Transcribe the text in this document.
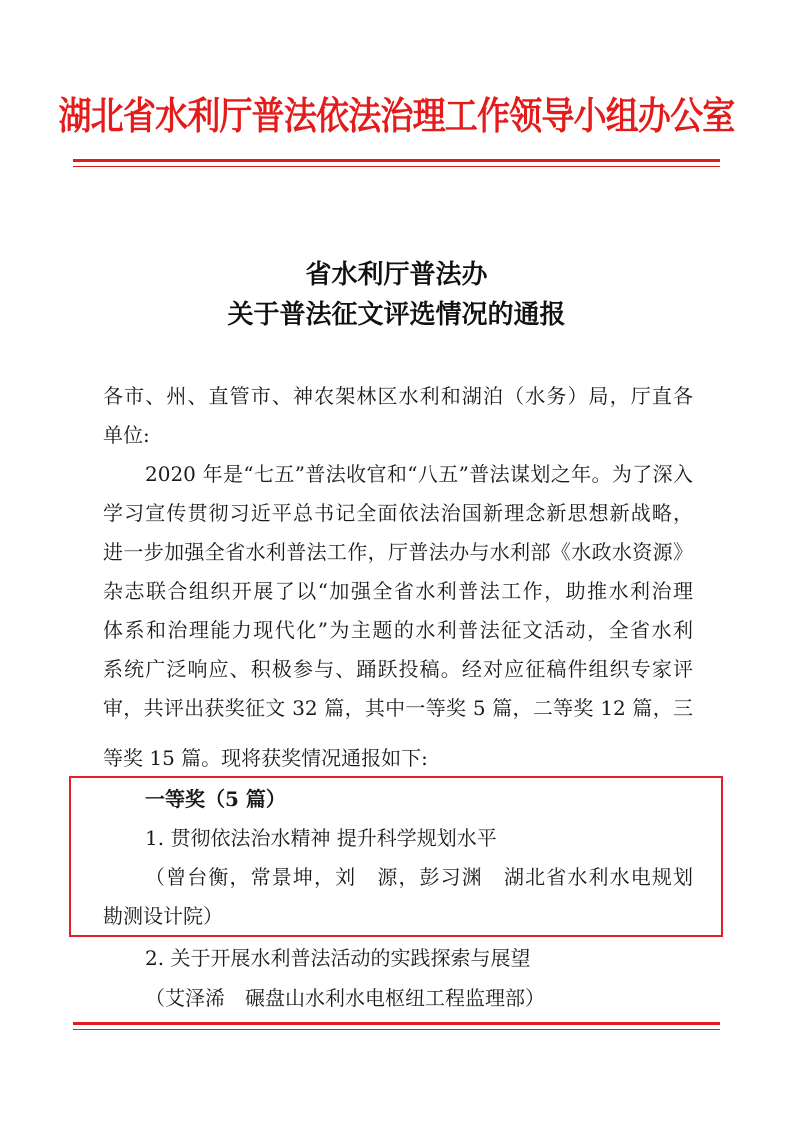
湖北省水利厅普法依法治理工作领导小组办公室
省水利厅普法办
关于普法征文评选情况的通报
各市、州、直管市、神农架林区水利和湖泊（水务）局，厅直各
单位:
2020 年是“七五”普法收官和“八五”普法谋划之年。为了深入
学习宣传贯彻习近平总书记全面依法治国新理念新思想新战略，
进一步加强全省水利普法工作，厅普法办与水利部《水政水资源》
杂志联合组织开展了以“加强全省水利普法工作，助推水利治理
体系和治理能力现代化”为主题的水利普法征文活动，全省水利
系统广泛响应、积极参与、踊跃投稿。经对应征稿件组织专家评
审，共评出获奖征文 32 篇，其中一等奖 5 篇，二等奖 12 篇，三
等奖 15 篇。现将获奖情况通报如下:
一等奖（5 篇）
1. 贯彻依法治水精神 提升科学规划水平
（曾台衡，常景坤，刘　源，彭习渊　湖北省水利水电规划
勘测设计院）
2. 关于开展水利普法活动的实践探索与展望
（艾泽浠　碾盘山水利水电枢纽工程监理部）
